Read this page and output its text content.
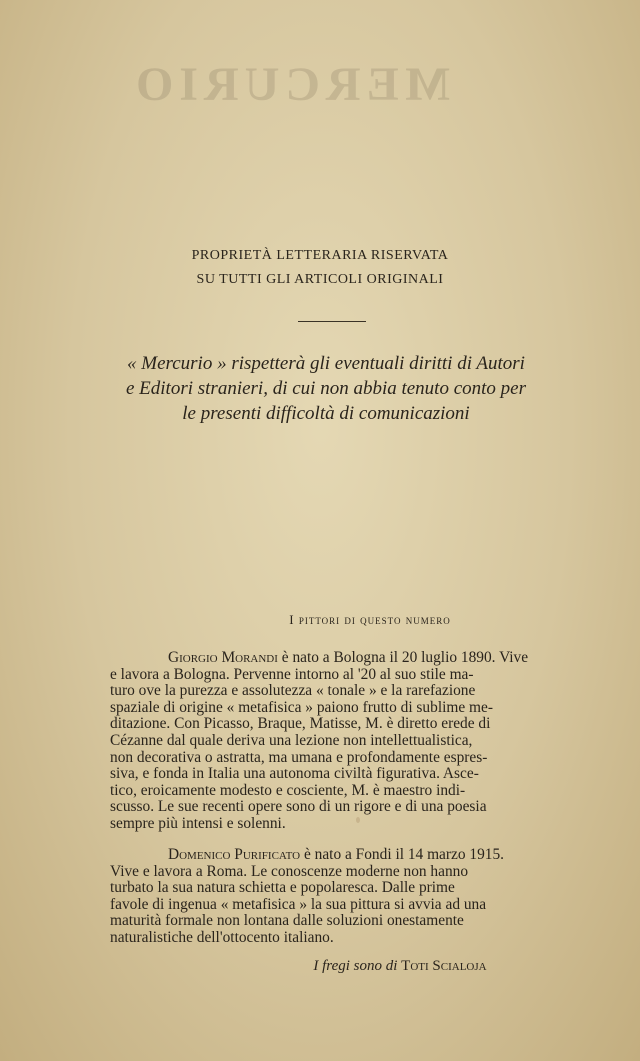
MERCURIO
PROPRIETÀ LETTERARIA RISERVATA
SU TUTTI GLI ARTICOLI ORIGINALI
« Mercurio » rispetterà gli eventuali diritti di Autori
e Editori stranieri, di cui non abbia tenuto conto per
le presenti difficoltà di comunicazioni
I pittori di questo numero
Giorgio Morandi è nato a Bologna il 20 luglio 1890. Vive
e lavora a Bologna. Pervenne intorno al '20 al suo stile ma-
turo ove la purezza e assolutezza « tonale » e la rarefazione
spaziale di origine « metafisica » paiono frutto di sublime me-
ditazione. Con Picasso, Braque, Matisse, M. è diretto erede di
Cézanne dal quale deriva una lezione non intellettualistica,
non decorativa o astratta, ma umana e profondamente espres-
siva, e fonda in Italia una autonoma civiltà figurativa. Asce-
tico, eroicamente modesto e cosciente, M. è maestro indi-
scusso. Le sue recenti opere sono di un rigore e di una poesia
sempre più intensi e solenni.
Domenico Purificato è nato a Fondi il 14 marzo 1915.
Vive e lavora a Roma. Le conoscenze moderne non hanno
turbato la sua natura schietta e popolaresca. Dalle prime
favole di ingenua « metafisica » la sua pittura si avvia ad una
maturità formale non lontana dalle soluzioni onestamente
naturalistiche dell'ottocento italiano.
I fregi sono di Toti Scialoja
